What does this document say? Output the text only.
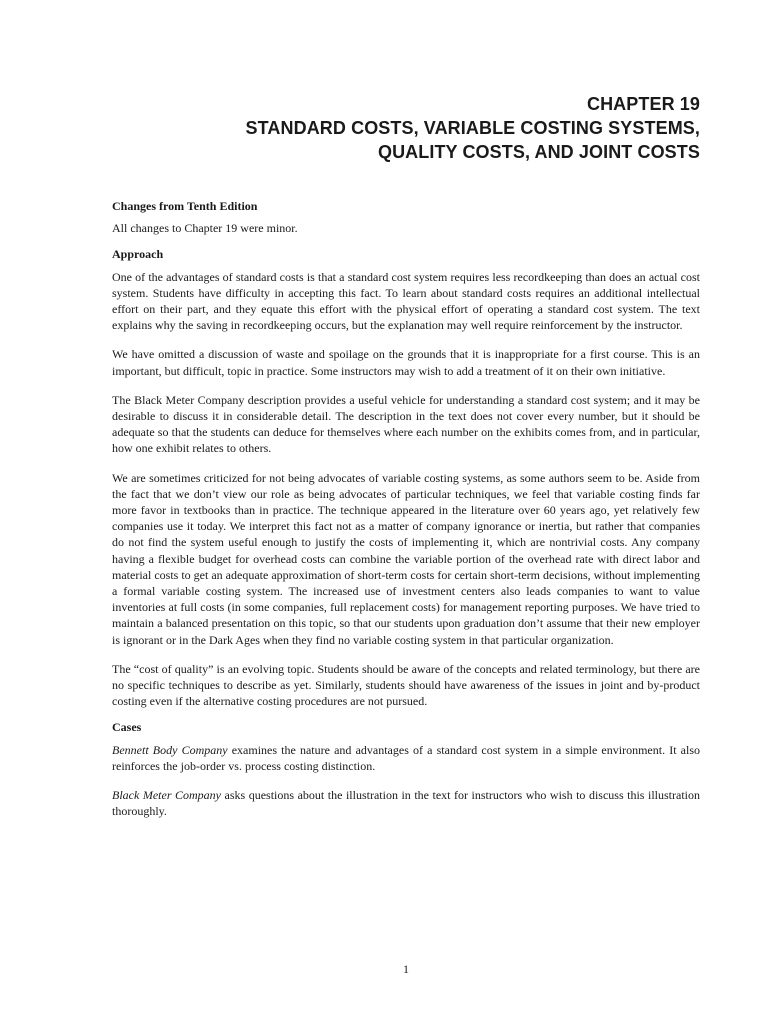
CHAPTER 19
STANDARD COSTS, VARIABLE COSTING SYSTEMS,
QUALITY COSTS, AND JOINT COSTS
Changes from Tenth Edition

All changes to Chapter 19 were minor.

Approach

One of the advantages of standard costs is that a standard cost system requires less recordkeeping than does an actual cost system. Students have difficulty in accepting this fact. To learn about standard costs requires an additional intellectual effort on their part, and they equate this effort with the physical effort of operating a standard cost system. The text explains why the saving in recordkeeping occurs, but the explanation may well require reinforcement by the instructor.

We have omitted a discussion of waste and spoilage on the grounds that it is inappropriate for a first course. This is an important, but difficult, topic in practice. Some instructors may wish to add a treatment of it on their own initiative.

The Black Meter Company description provides a useful vehicle for understanding a standard cost system; and it may be desirable to discuss it in considerable detail. The description in the text does not cover every number, but it should be adequate so that the students can deduce for themselves where each number on the exhibits comes from, and in particular, how one exhibit relates to others.

We are sometimes criticized for not being advocates of variable costing systems, as some authors seem to be. Aside from the fact that we don’t view our role as being advocates of particular techniques, we feel that variable costing finds far more favor in textbooks than in practice. The technique appeared in the literature over 60 years ago, yet relatively few companies use it today. We interpret this fact not as a matter of company ignorance or inertia, but rather that companies do not find the system useful enough to justify the costs of implementing it, which are nontrivial costs. Any company having a flexible budget for overhead costs can combine the variable portion of the overhead rate with direct labor and material costs to get an adequate approximation of short-term costs for certain short-term decisions, without implementing a formal variable costing system. The increased use of investment centers also leads companies to want to value inventories at full costs (in some companies, full replacement costs) for management reporting purposes. We have tried to maintain a balanced presentation on this topic, so that our students upon graduation don’t assume that their new employer is ignorant or in the Dark Ages when they find no variable costing system in that particular organization.

The “cost of quality” is an evolving topic. Students should be aware of the concepts and related terminology, but there are no specific techniques to describe as yet. Similarly, students should have awareness of the issues in joint and by-product costing even if the alternative costing procedures are not pursued.

Cases

Bennett Body Company examines the nature and advantages of a standard cost system in a simple environment. It also reinforces the job-order vs. process costing distinction.

Black Meter Company asks questions about the illustration in the text for instructors who wish to discuss this illustration thoroughly.

1
